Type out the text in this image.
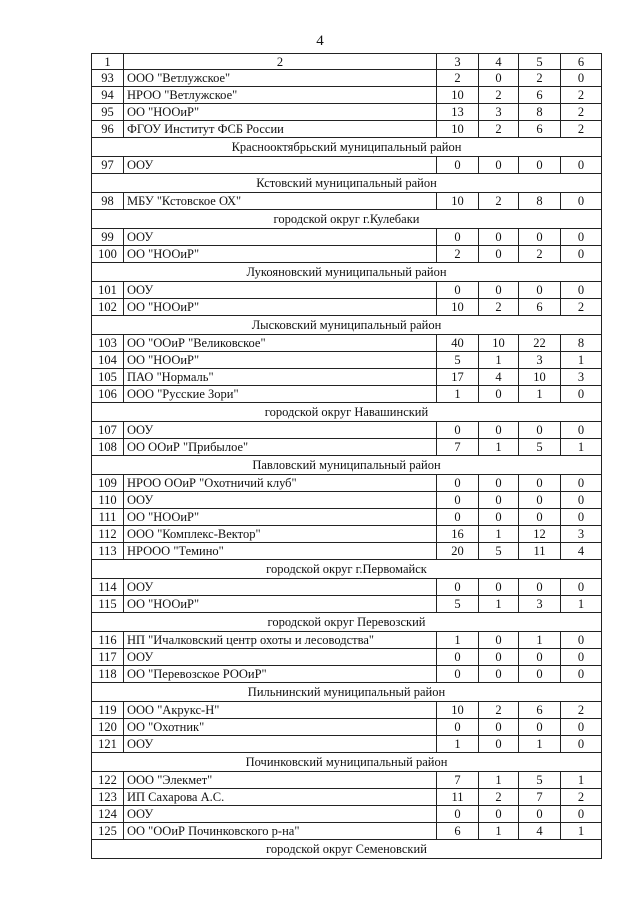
4
1	2	3	4	5	6
93	ООО "Ветлужское"	2	0	2	0
94	НРОО "Ветлужское"	10	2	6	2
95	ОО "НООиР"	13	3	8	2
96	ФГОУ Институт ФСБ России	10	2	6	2
Краснооктябрьский муниципальный район					
97	ООУ	0	0	0	0
Кстовский муниципальный район					
98	МБУ "Кстовское ОХ"	10	2	8	0
городской округ г.Кулебаки					
99	ООУ	0	0	0	0
100	ОО "НООиР"	2	0	2	0
Лукояновский муниципальный район					
101	ООУ	0	0	0	0
102	ОО "НООиР"	10	2	6	2
Лысковский муниципальный район					
103	ОО "ООиР "Великовское"	40	10	22	8
104	ОО "НООиР"	5	1	3	1
105	ПАО "Нормаль"	17	4	10	3
106	ООО "Русские Зори"	1	0	1	0
городской округ Навашинский					
107	ООУ	0	0	0	0
108	ОО ООиР "Прибылое"	7	1	5	1
Павловский муниципальный район					
109	НРОО ООиР "Охотничий клуб"	0	0	0	0
110	ООУ	0	0	0	0
111	ОО "НООиР"	0	0	0	0
112	ООО "Комплекс-Вектор"	16	1	12	3
113	НРООО "Темино"	20	5	11	4
городской округ г.Первомайск					
114	ООУ	0	0	0	0
115	ОО "НООиР"	5	1	3	1
городской округ Перевозский					
116	НП "Ичалковский центр охоты и лесоводства"	1	0	1	0
117	ООУ	0	0	0	0
118	ОО "Перевозское РООиР"	0	0	0	0
Пильнинский муниципальный район					
119	ООО "Акрукс-Н"	10	2	6	2
120	ОО "Охотник"	0	0	0	0
121	ООУ	1	0	1	0
Починковский муниципальный район					
122	ООО "Элекмет"	7	1	5	1
123	ИП Сахарова А.С.	11	2	7	2
124	ООУ	0	0	0	0
125	ОО "ООиР Починковского р-на"	6	1	4	1
городской округ Семеновский					
